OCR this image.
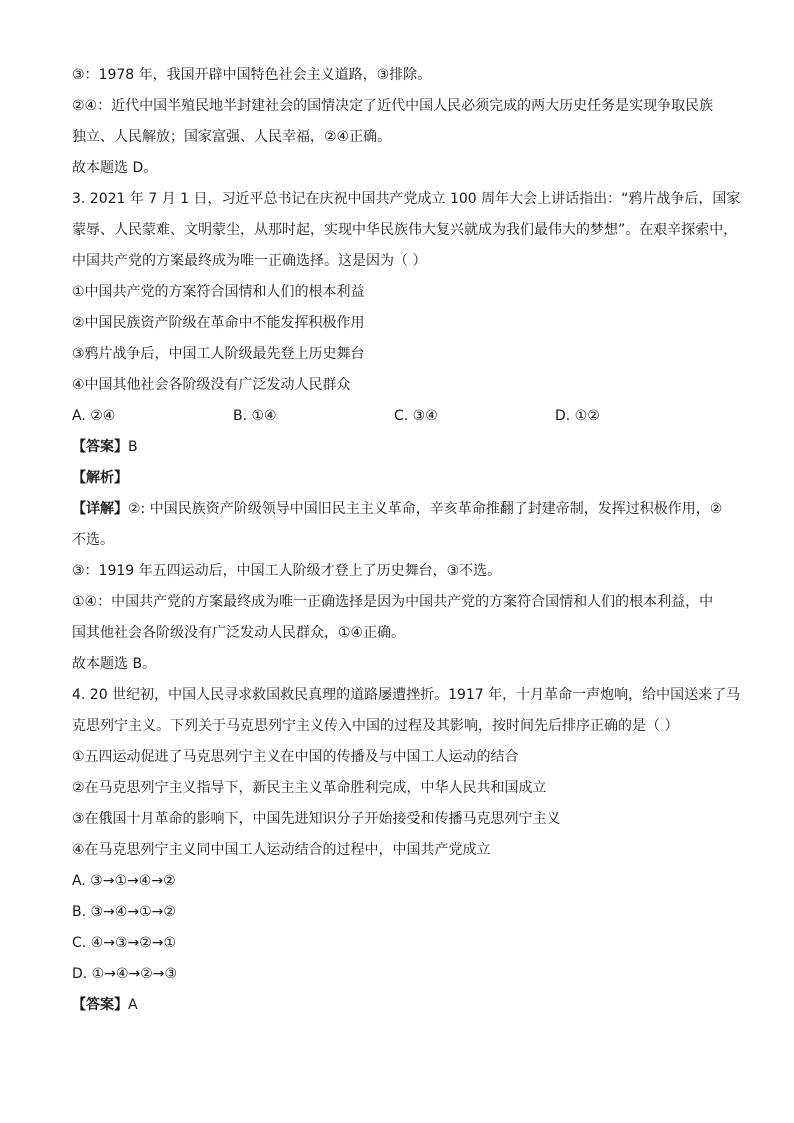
③：1978 年，我国开辟中国特色社会主义道路，③排除。
②④：近代中国半殖民地半封建社会的国情决定了近代中国人民必须完成的两大历史任务是实现争取民族
独立、人民解放；国家富强、人民幸福，②④正确。
故本题选 D。
3. 2021 年 7 月 1 日，习近平总书记在庆祝中国共产党成立 100 周年大会上讲话指出：“鸦片战争后，国家
蒙辱、人民蒙难、文明蒙尘，从那时起，实现中华民族伟大复兴就成为我们最伟大的梦想”。在艰辛探索中，
中国共产党的方案最终成为唯一正确选择。这是因为（ ）
①中国共产党的方案符合国情和人们的根本利益
②中国民族资产阶级在革命中不能发挥积极作用
③鸦片战争后，中国工人阶级最先登上历史舞台
④中国其他社会各阶级没有广泛发动人民群众
A. ②④	B. ①④	C. ③④	D. ①②
【答案】B
【解析】
【详解】②: 中国民族资产阶级领导中国旧民主主义革命，辛亥革命推翻了封建帝制，发挥过积极作用，②
不选。
③：1919 年五四运动后，中国工人阶级才登上了历史舞台，③不选。
①④：中国共产党的方案最终成为唯一正确选择是因为中国共产党的方案符合国情和人们的根本利益，中
国其他社会各阶级没有广泛发动人民群众，①④正确。
故本题选 B。
4. 20 世纪初，中国人民寻求救国救民真理的道路屡遭挫折。1917 年，十月革命一声炮响，给中国送来了马
克思列宁主义。下列关于马克思列宁主义传入中国的过程及其影响，按时间先后排序正确的是（ ）
①五四运动促进了马克思列宁主义在中国的传播及与中国工人运动的结合
②在马克思列宁主义指导下，新民主主义革命胜利完成，中华人民共和国成立
③在俄国十月革命的影响下，中国先进知识分子开始接受和传播马克思列宁主义
④在马克思列宁主义同中国工人运动结合的过程中，中国共产党成立
A. ③→①→④→②
B. ③→④→①→②
C. ④→③→②→①
D. ①→④→②→③
【答案】A
